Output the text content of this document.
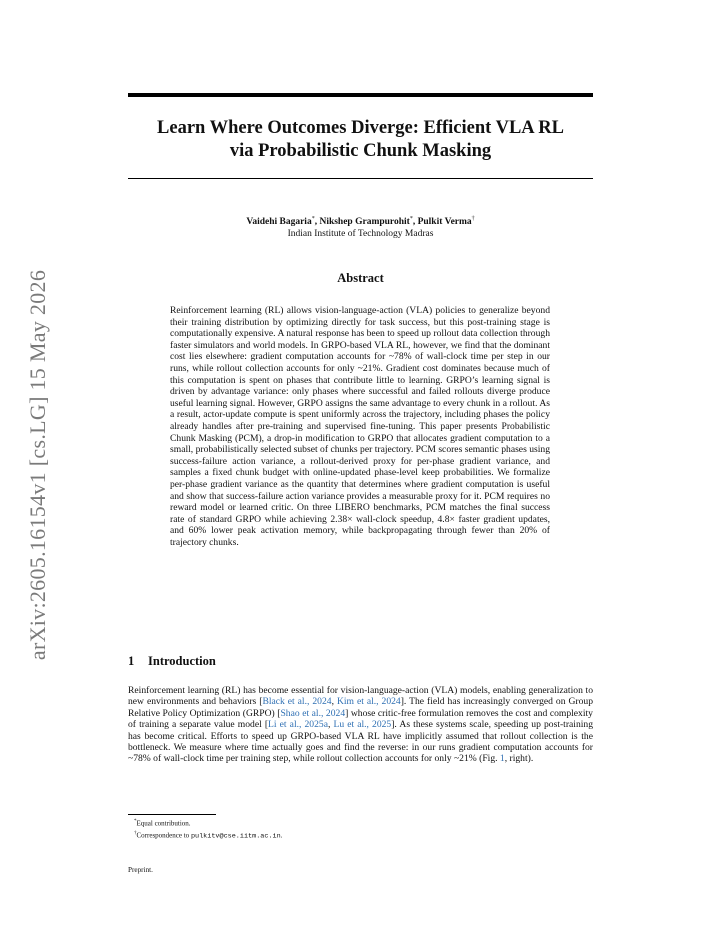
arXiv:2605.16154v1 [cs.LG] 15 May 2026
Learn Where Outcomes Diverge: Efficient VLA RL
via Probabilistic Chunk Masking
Vaidehi Bagaria*, Nikshep Grampurohit*, Pulkit Verma†
Indian Institute of Technology Madras
Abstract
Reinforcement learning (RL) allows vision-language-action (VLA) policies to generalize beyond their training distribution by optimizing directly for task success, but this post-training stage is computationally expensive. A natural response has been to speed up rollout data collection through faster simulators and world models. In GRPO-based VLA RL, however, we find that the dominant cost lies elsewhere: gradient computation accounts for ~78% of wall-clock time per step in our runs, while rollout collection accounts for only ~21%. Gradient cost dominates because much of this computation is spent on phases that contribute little to learning. GRPO’s learning signal is driven by advantage variance: only phases where successful and failed rollouts diverge produce useful learning signal. However, GRPO assigns the same advantage to every chunk in a rollout. As a result, actor-update compute is spent uniformly across the trajectory, including phases the policy already handles after pre-training and supervised fine-tuning. This paper presents Probabilistic Chunk Masking (PCM), a drop-in modification to GRPO that allocates gradient computation to a small, probabilistically selected subset of chunks per trajectory. PCM scores semantic phases using success-failure action variance, a rollout-derived proxy for per-phase gradient variance, and samples a fixed chunk budget with online-updated phase-level keep probabilities. We formalize per-phase gradient variance as the quantity that determines where gradient computation is useful and show that success-failure action variance provides a measurable proxy for it. PCM requires no reward model or learned critic. On three LIBERO benchmarks, PCM matches the final success rate of standard GRPO while achieving 2.38× wall-clock speedup, 4.8× faster gradient updates, and 60% lower peak activation memory, while backpropagating through fewer than 20% of trajectory chunks.
1 Introduction
Reinforcement learning (RL) has become essential for vision-language-action (VLA) models, enabling generalization to new environments and behaviors [Black et al., 2024, Kim et al., 2024]. The field has increasingly converged on Group Relative Policy Optimization (GRPO) [Shao et al., 2024] whose critic-free formulation removes the cost and complexity of training a separate value model [Li et al., 2025a, Lu et al., 2025]. As these systems scale, speeding up post-training has become critical. Efforts to speed up GRPO-based VLA RL have implicitly assumed that rollout collection is the bottleneck. We measure where time actually goes and find the reverse: in our runs gradient computation accounts for ~78% of wall-clock time per training step, while rollout collection accounts for only ~21% (Fig. 1, right).
*Equal contribution.
†Correspondence to pulkitv@cse.iitm.ac.in.
Preprint.
